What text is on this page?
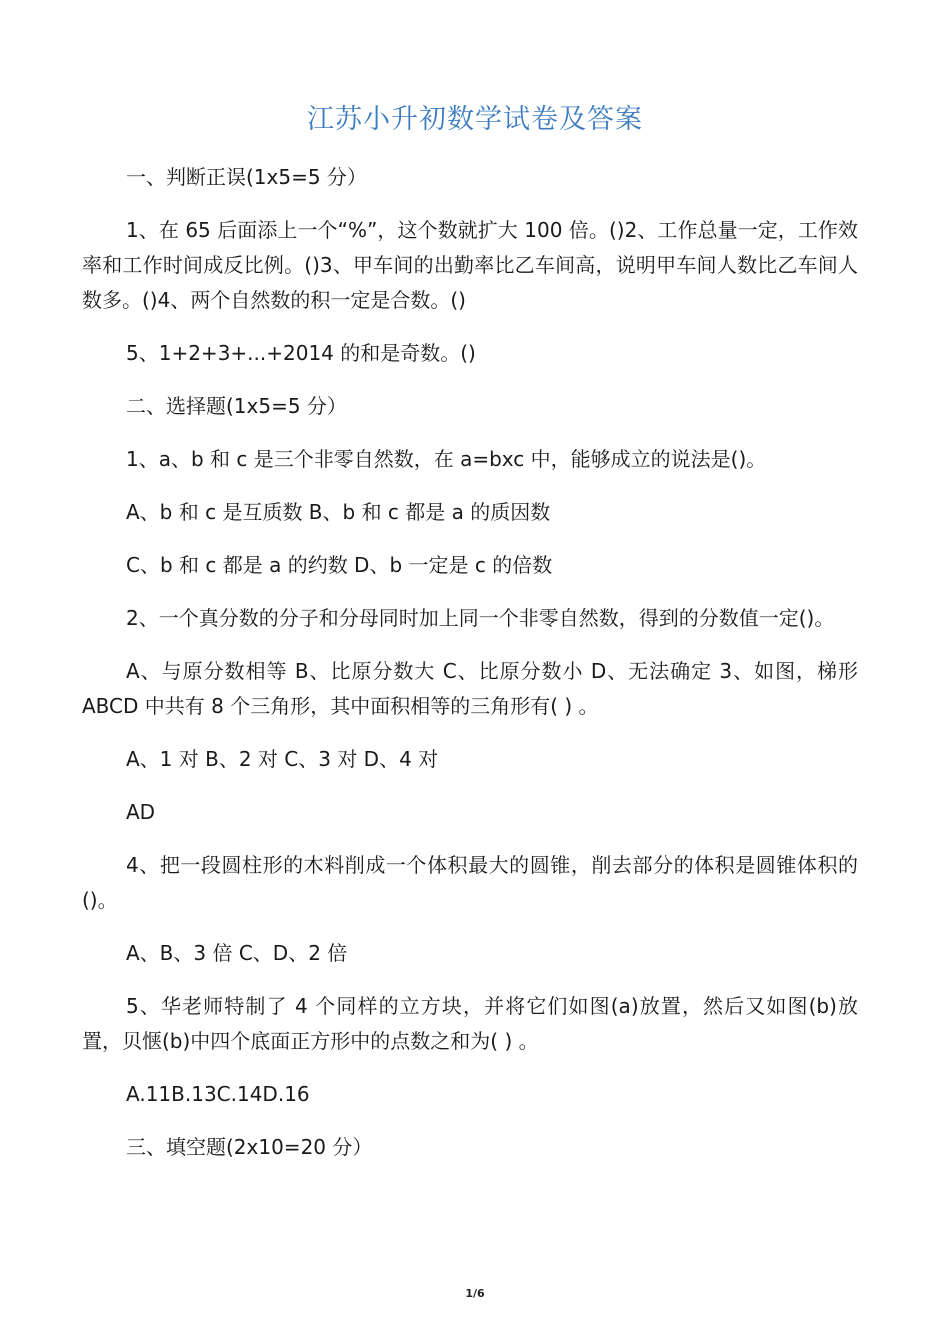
江苏小升初数学试卷及答案

一、判断正误(1x5=5 分）

1、在 65 后面添上一个“%”，这个数就扩大 100 倍。()2、工作总量一定，工作效率和工作时间成反比例。()3、甲车间的出勤率比乙车间高，说明甲车间人数比乙车间人数多。()4、两个自然数的积一定是合数。()

5、1+2+3+...+2014 的和是奇数。()

二、选择题(1x5=5 分）

1、a、b 和 c 是三个非零自然数，在 a=bxc 中，能够成立的说法是()。

A、b 和 c 是互质数 B、b 和 c 都是 a 的质因数

C、b 和 c 都是 a 的约数 D、b 一定是 c 的倍数

2、一个真分数的分子和分母同时加上同一个非零自然数，得到的分数值一定()。

A、与原分数相等 B、比原分数大 C、比原分数小 D、无法确定 3、如图，梯形 ABCD 中共有 8 个三角形，其中面积相等的三角形有( ) 。

A、1 对 B、2 对 C、3 对 D、4 对

AD

4、把一段圆柱形的木料削成一个体积最大的圆锥，削去部分的体积是圆锥体积的()。

A、B、3 倍 C、D、2 倍

5、华老师特制了 4 个同样的立方块，并将它们如图(a)放置，然后又如图(b)放置，贝惬(b)中四个底面正方形中的点数之和为( ) 。

A.11B.13C.14D.16

三、填空题(2x10=20 分）

1/6
